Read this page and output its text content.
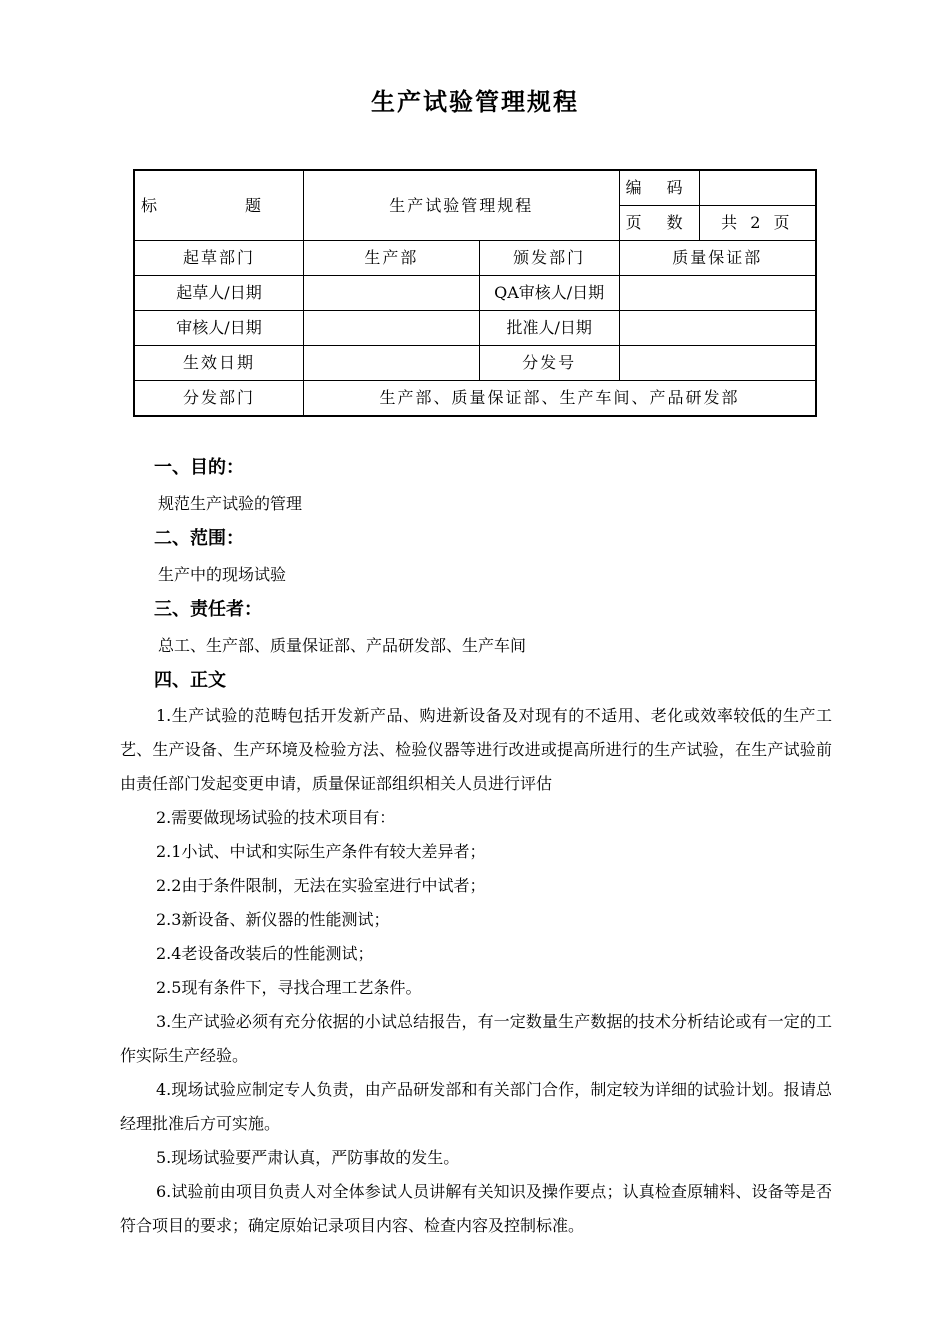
生产试验管理规程
标　题	生产试验管理规程		编 码	
			页 数	共 2 页
起草部门	生产部	颁发部门	质量保证部	
起草人/日期		QA审核人/日期		
审核人/日期		批准人/日期		
生效日期		分发号		
分发部门	生产部、质量保证部、生产车间、产品研发部			
一、目的：
规范生产试验的管理
二、范围：
生产中的现场试验
三、责任者：
总工、生产部、质量保证部、产品研发部、生产车间
四、正文
1.生产试验的范畴包括开发新产品、购进新设备及对现有的不适用、老化或效率较低的生产工艺、生产设备、生产环境及检验方法、检验仪器等进行改进或提高所进行的生产试验，在生产试验前由责任部门发起变更申请，质量保证部组织相关人员进行评估
2.需要做现场试验的技术项目有：
2.1小试、中试和实际生产条件有较大差异者；
2.2由于条件限制，无法在实验室进行中试者；
2.3新设备、新仪器的性能测试；
2.4老设备改装后的性能测试；
2.5现有条件下，寻找合理工艺条件。
3.生产试验必须有充分依据的小试总结报告，有一定数量生产数据的技术分析结论或有一定的工作实际生产经验。
4.现场试验应制定专人负责，由产品研发部和有关部门合作，制定较为详细的试验计划。报请总经理批准后方可实施。
5.现场试验要严肃认真，严防事故的发生。
6.试验前由项目负责人对全体参试人员讲解有关知识及操作要点；认真检查原辅料、设备等是否符合项目的要求；确定原始记录项目内容、检查内容及控制标准。
